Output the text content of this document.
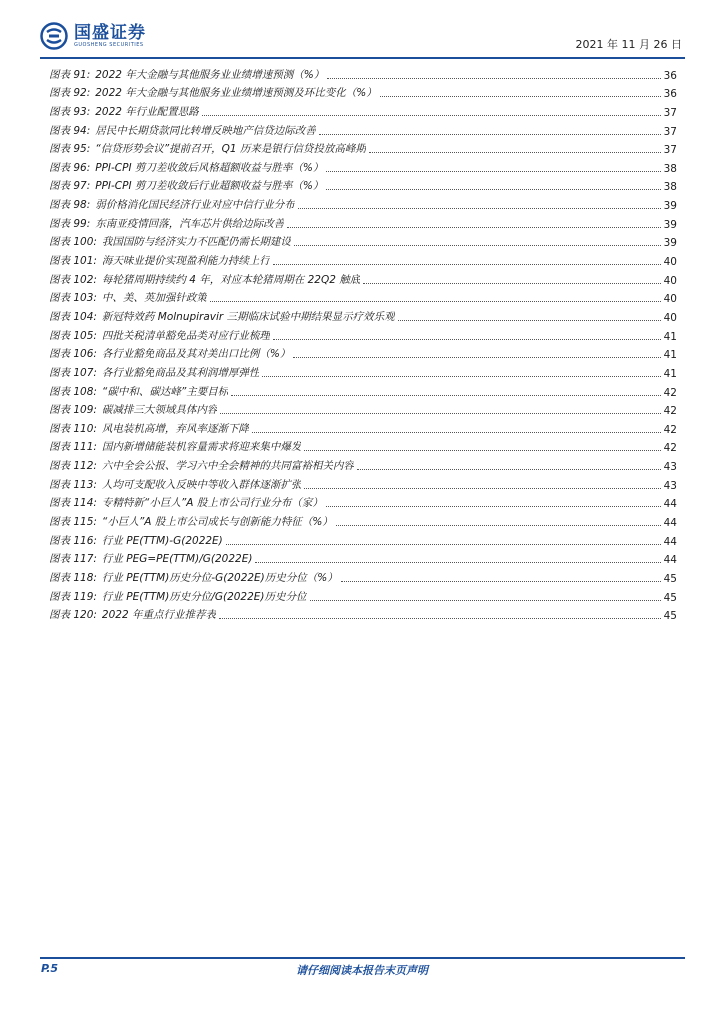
国盛证券
GUOSHENG SECURITIES	2021 年 11 月 26 日
图表 91: 2022 年大金融与其他服务业业绩增速预测（%）	36
图表 92: 2022 年大金融与其他服务业业绩增速预测及环比变化（%）	36
图表 93: 2022 年行业配置思路	37
图表 94: 居民中长期贷款同比转增反映地产信贷边际改善	37
图表 95: “信贷形势会议”提前召开，Q1 历来是银行信贷投放高峰期	37
图表 96: PPI-CPI 剪刀差收敛后风格超额收益与胜率（%）	38
图表 97: PPI-CPI 剪刀差收敛后行业超额收益与胜率（%）	38
图表 98: 弱价格消化国民经济行业对应中信行业分布	39
图表 99: 东南亚疫情回落，汽车芯片供给边际改善	39
图表 100: 我国国防与经济实力不匹配仍需长期建设	39
图表 101: 海天味业提价实现盈利能力持续上行	40
图表 102: 每轮猪周期持续约 4 年，对应本轮猪周期在 22Q2 触底	40
图表 103: 中、美、英加强针政策	40
图表 104: 新冠特效药 Molnupiravir 三期临床试验中期结果显示疗效乐观	40
图表 105: 四批关税清单豁免品类对应行业梳理	41
图表 106: 各行业豁免商品及其对美出口比例（%）	41
图表 107: 各行业豁免商品及其利润增厚弹性	41
图表 108: “碳中和、碳达峰”主要目标	42
图表 109: 碳减排三大领域具体内容	42
图表 110: 风电装机高增，弃风率逐渐下降	42
图表 111: 国内新增储能装机容量需求将迎来集中爆发	42
图表 112: 六中全会公报、学习六中全会精神的共同富裕相关内容	43
图表 113: 人均可支配收入反映中等收入群体逐渐扩张	43
图表 114: 专精特新“小巨人”A 股上市公司行业分布（家）	44
图表 115: “小巨人”A 股上市公司成长与创新能力特征（%）	44
图表 116: 行业 PE(TTM)-G(2022E)	44
图表 117: 行业 PEG=PE(TTM)/G(2022E)	44
图表 118: 行业 PE(TTM)历史分位-G(2022E)历史分位（%）	45
图表 119: 行业 PE(TTM)历史分位/G(2022E)历史分位	45
图表 120: 2022 年重点行业推荐表	45
P.5	请仔细阅读本报告末页声明
